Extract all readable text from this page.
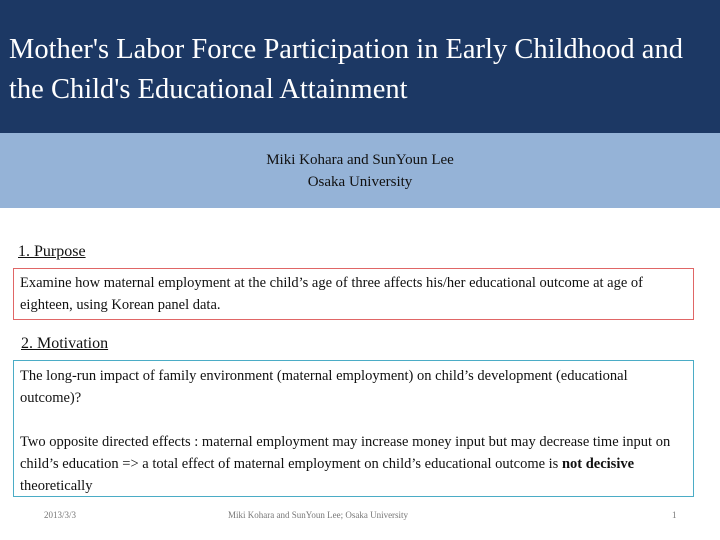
Mother's Labor Force Participation in Early Childhood and the Child's Educational Attainment
Miki Kohara and SunYoun Lee
Osaka University
1. Purpose

Examine how maternal employment at the child’s age of three affects his/her educational outcome at age of eighteen, using Korean panel data.

2. Motivation

The long-run impact of family environment (maternal employment) on child’s development (educational outcome)?

Two opposite directed effects : maternal employment may increase money input but may decrease time input on child’s education => a total effect of maternal employment on child’s educational outcome is not decisive theoretically

2013/3/3	Miki Kohara and SunYoun Lee; Osaka University	1
